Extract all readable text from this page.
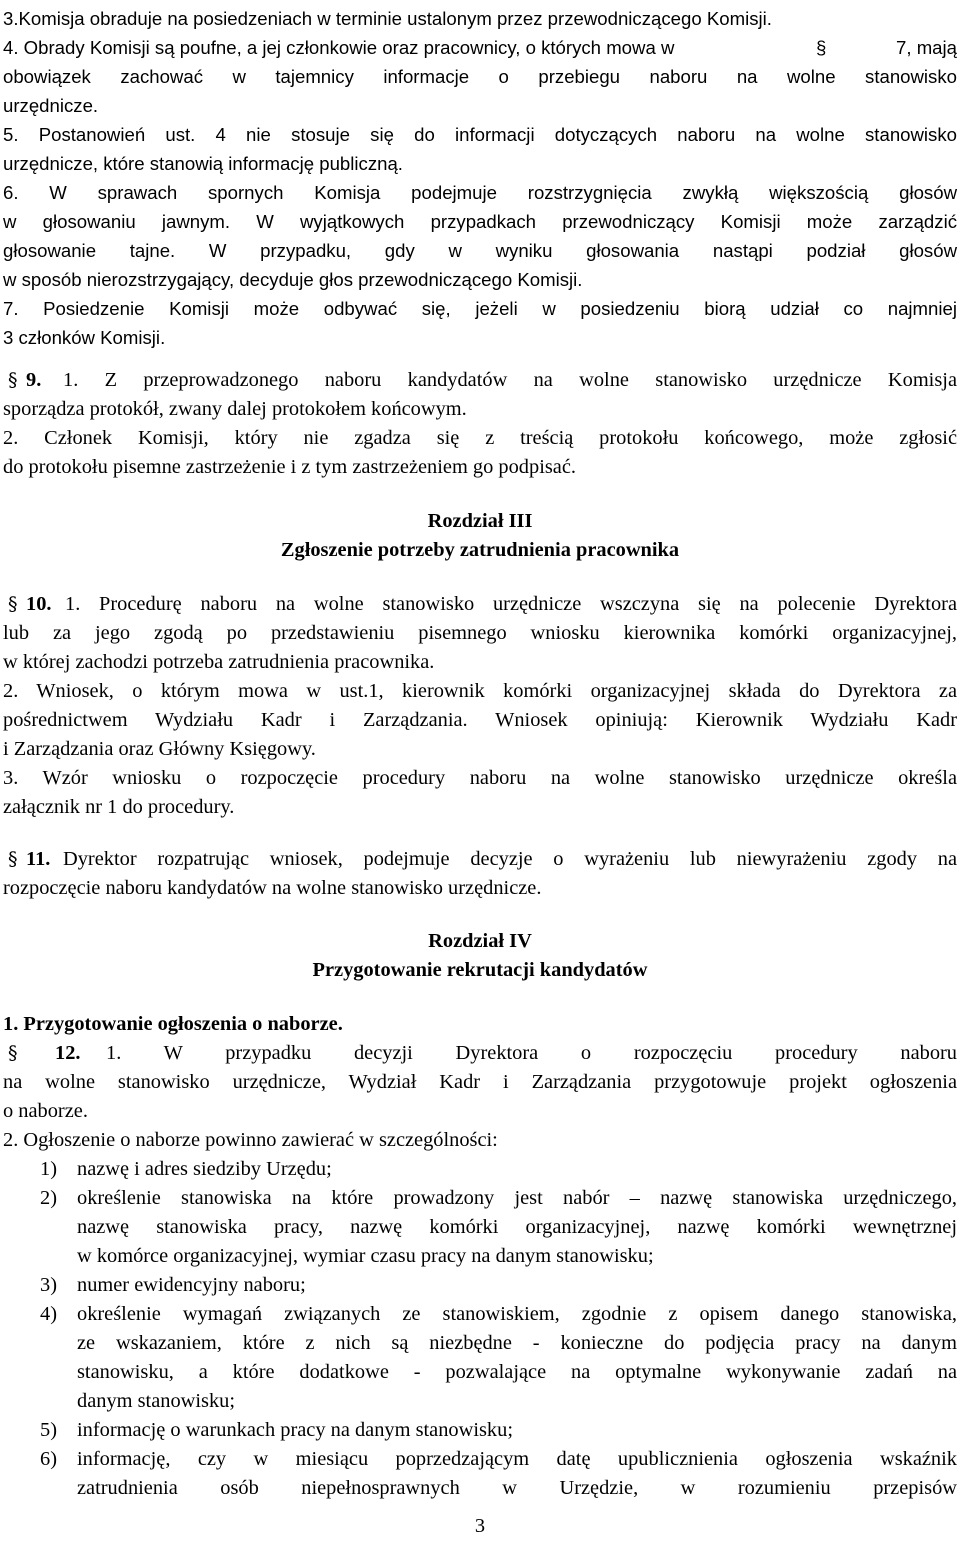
3.Komisja obraduje na posiedzeniach w terminie ustalonym przez przewodniczącego Komisji.
4. Obrady Komisji są poufne, a jej członkowie oraz pracownicy, o których mowa w	§	7, mają
obowiązek zachować w tajemnicy informacje o przebiegu naboru na wolne stanowisko
urzędnicze.
5. Postanowień ust. 4 nie stosuje się do informacji dotyczących naboru na wolne stanowisko
urzędnicze, które stanowią informację publiczną.
6. W sprawach spornych Komisja podejmuje rozstrzygnięcia zwykłą większością głosów
w głosowaniu jawnym. W wyjątkowych przypadkach przewodniczący Komisji może zarządzić
głosowanie tajne. W przypadku, gdy w wyniku głosowania nastąpi podział głosów
w sposób nierozstrzygający, decyduje głos przewodniczącego Komisji.
7. Posiedzenie Komisji może odbywać się, jeżeli w posiedzeniu biorą udział co najmniej
3 członków Komisji.
§ 9. 1. Z przeprowadzonego naboru kandydatów na wolne stanowisko urzędnicze Komisja
sporządza protokół, zwany dalej protokołem końcowym.
2. Członek Komisji, który nie zgadza się z treścią protokołu końcowego, może zgłosić
do protokołu pisemne zastrzeżenie i z tym zastrzeżeniem go podpisać.
Rozdział III
Zgłoszenie potrzeby zatrudnienia pracownika
§ 10. 1. Procedurę naboru na wolne stanowisko urzędnicze wszczyna się na polecenie Dyrektora
lub za jego zgodą po przedstawieniu pisemnego wniosku kierownika komórki organizacyjnej,
w której zachodzi potrzeba zatrudnienia pracownika.
2. Wniosek, o którym mowa w ust.1, kierownik komórki organizacyjnej składa do Dyrektora za
pośrednictwem Wydziału Kadr i Zarządzania. Wniosek opiniują: Kierownik Wydziału Kadr
i Zarządzania oraz Główny Księgowy.
3. Wzór wniosku o rozpoczęcie procedury naboru na wolne stanowisko urzędnicze określa
załącznik nr 1 do procedury.
§ 11. Dyrektor rozpatrując wniosek, podejmuje decyzje o wyrażeniu lub niewyrażeniu zgody na
rozpoczęcie naboru kandydatów na wolne stanowisko urzędnicze.
Rozdział IV
Przygotowanie rekrutacji kandydatów
1. Przygotowanie ogłoszenia o naborze.
§ 12. 1. W przypadku decyzji Dyrektora o rozpoczęciu procedury naboru
na wolne stanowisko urzędnicze, Wydział Kadr i Zarządzania przygotowuje projekt ogłoszenia
o naborze.
2. Ogłoszenie o naborze powinno zawierać w szczególności:
1) nazwę i adres siedziby Urzędu;
2) określenie stanowiska na które prowadzony jest nabór – nazwę stanowiska urzędniczego,
nazwę stanowiska pracy, nazwę komórki organizacyjnej, nazwę komórki wewnętrznej
w komórce organizacyjnej, wymiar czasu pracy na danym stanowisku;
3) numer ewidencyjny naboru;
4) określenie wymagań związanych ze stanowiskiem, zgodnie z opisem danego stanowiska,
ze wskazaniem, które z nich są niezbędne - konieczne do podjęcia pracy na danym
stanowisku, a które dodatkowe - pozwalające na optymalne wykonywanie zadań na
danym stanowisku;
5) informację o warunkach pracy na danym stanowisku;
6) informację, czy w miesiącu poprzedzającym datę upublicznienia ogłoszenia wskaźnik
zatrudnienia osób niepełnosprawnych w Urzędzie, w rozumieniu przepisów
3
